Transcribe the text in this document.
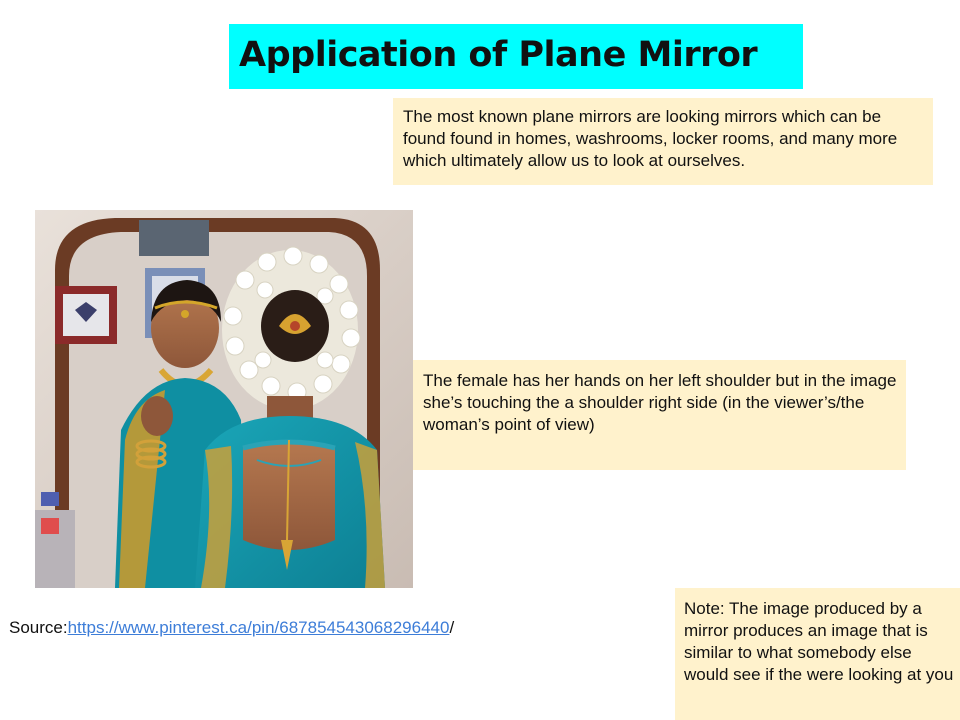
Application of Plane Mirror

The most known plane mirrors are looking mirrors which can be found found in homes, washrooms, locker rooms, and many more which ultimately allow us to look at ourselves.

The female has her hands on her left shoulder but in the image

she’s touching the a shoulder right side (in the viewer’s/the woman’s point of view)

Source:https://www.pinterest.ca/pin/687854543068296440/

Note: The image produced by a mirror produces an image that is similar to what somebody else would see if the were looking at you
